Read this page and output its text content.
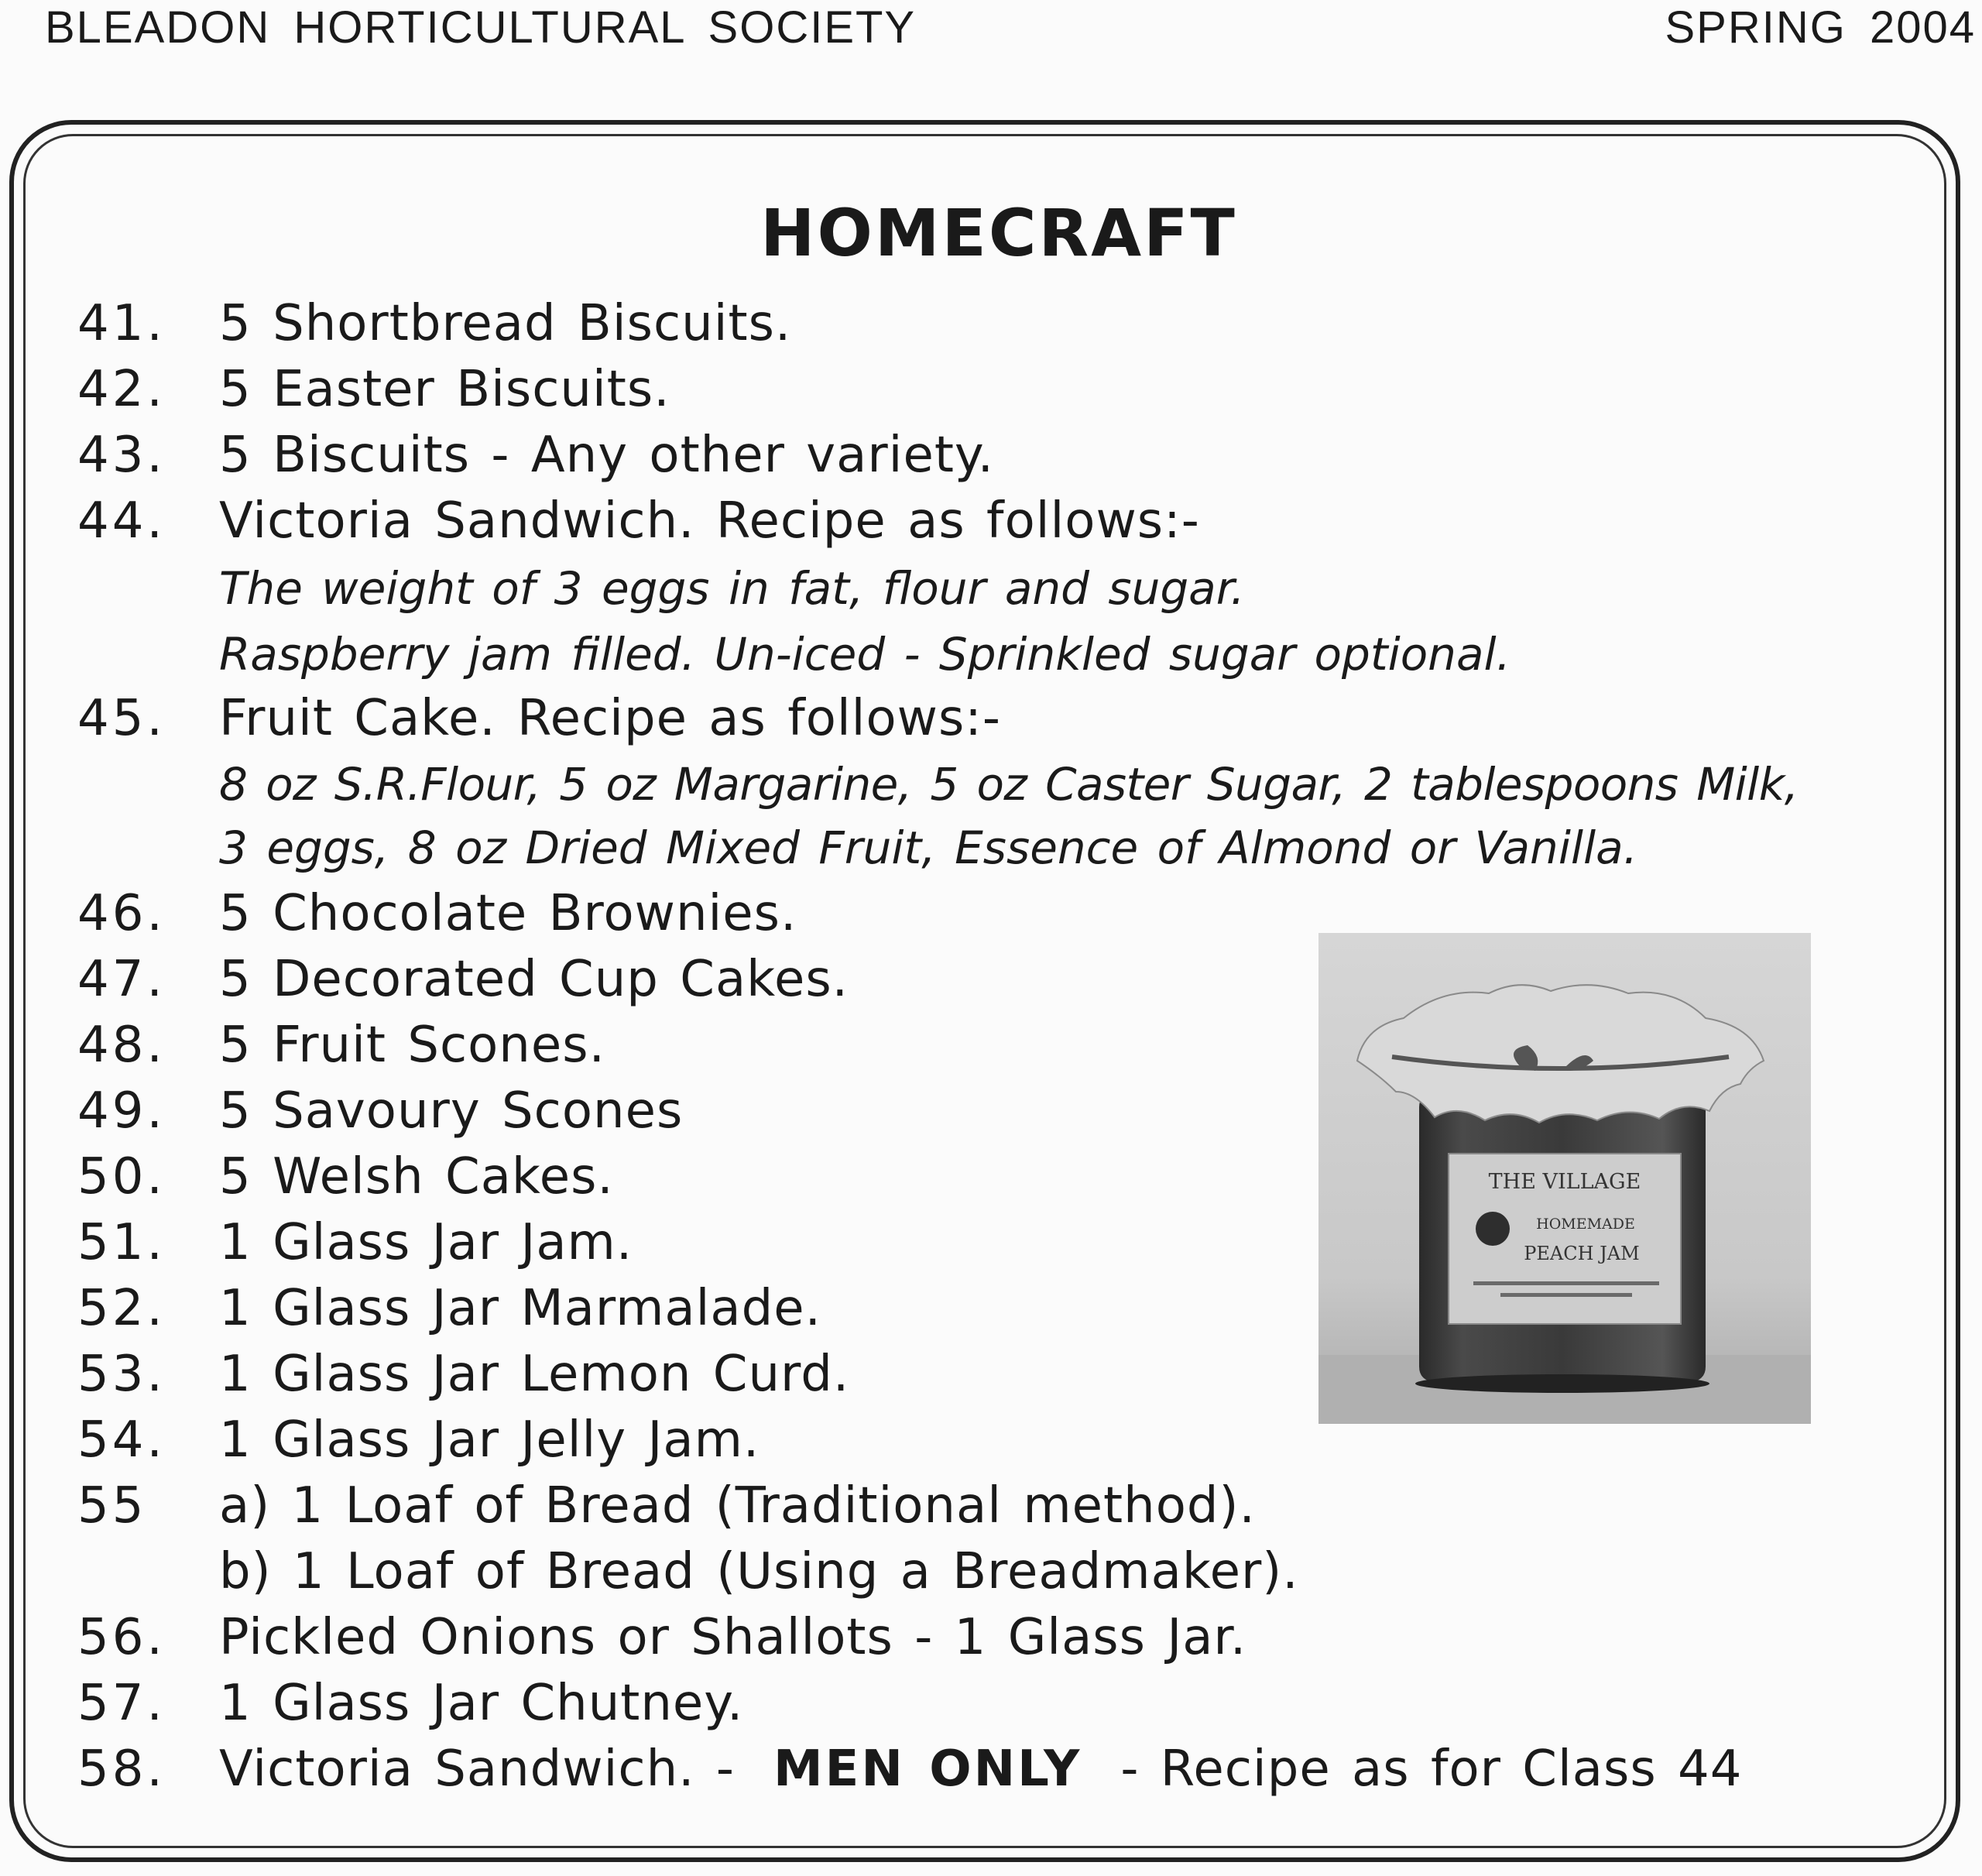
BLEADON HORTICULTURAL SOCIETY	SPRING 2004
HOMECRAFT
41. 5 Shortbread Biscuits.
42. 5 Easter Biscuits.
43. 5 Biscuits - Any other variety.
44. Victoria Sandwich. Recipe as follows:-
The weight of 3 eggs in fat, flour and sugar.
Raspberry jam filled. Un-iced - Sprinkled sugar optional.
45. Fruit Cake. Recipe as follows:-
8 oz S.R.Flour, 5 oz Margarine, 5 oz Caster Sugar, 2 tablespoons Milk,
3 eggs, 8 oz Dried Mixed Fruit, Essence of Almond or Vanilla.
46. 5 Chocolate Brownies.
47. 5 Decorated Cup Cakes.
48. 5 Fruit Scones.
49. 5 Savoury Scones
50. 5 Welsh Cakes.
51. 1 Glass Jar Jam.
52. 1 Glass Jar Marmalade.
53. 1 Glass Jar Lemon Curd.
54. 1 Glass Jar Jelly Jam.
55 a) 1 Loaf of Bread (Traditional method).
b) 1 Loaf of Bread (Using a Breadmaker).
56. Pickled Onions or Shallots - 1 Glass Jar.
57. 1 Glass Jar Chutney.
58. Victoria Sandwich. - MEN ONLY - Recipe as for Class 44
THE VILLAGE
HOMEMADE
PEACH JAM
